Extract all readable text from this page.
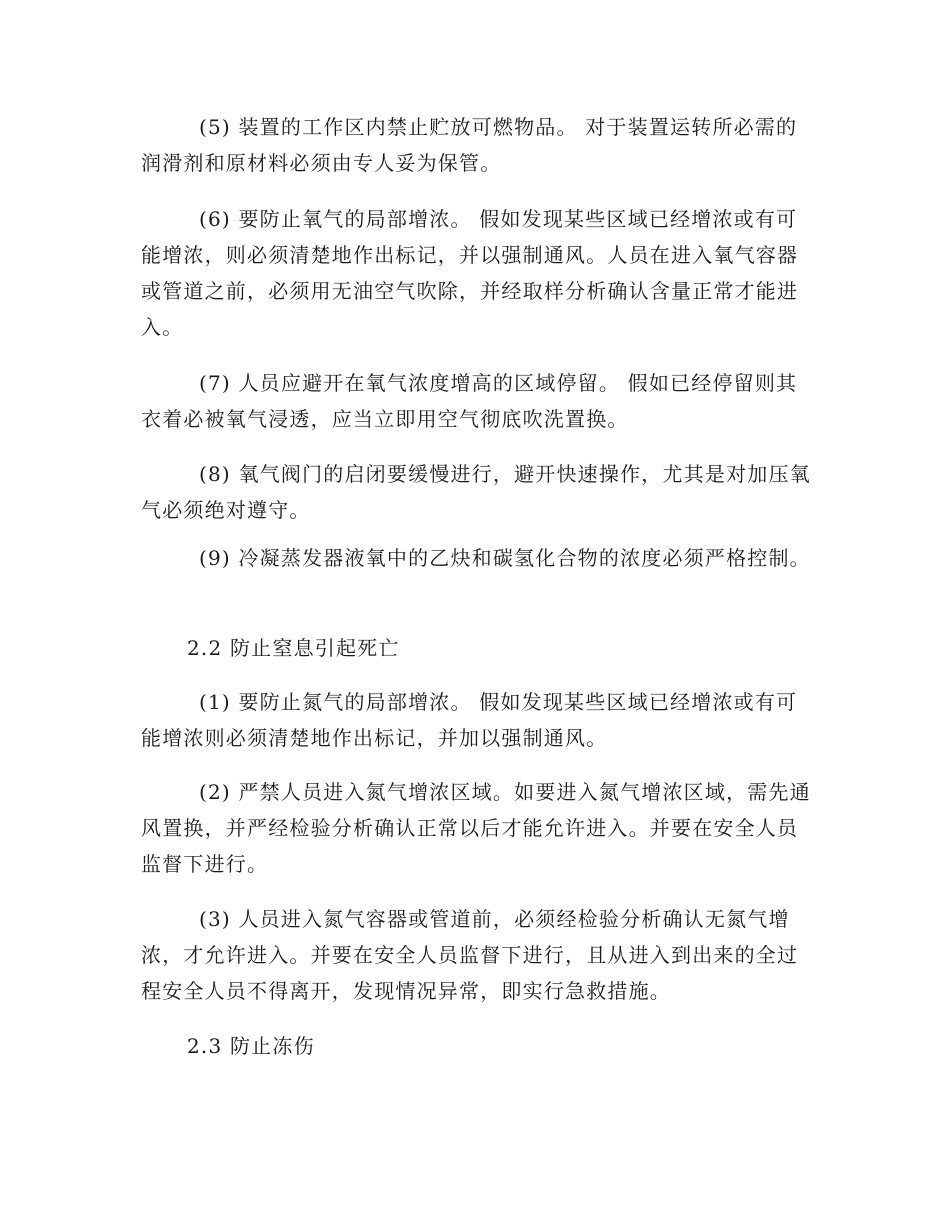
(5) 装置的工作区内禁止贮放可燃物品。 对于装置运转所必需的润滑剂和原材料必须由专人妥为保管。

(6) 要防止氧气的局部增浓。 假如发现某些区域已经增浓或有可能增浓，则必须清楚地作出标记，并以强制通风。人员在进入氧气容器或管道之前，必须用无油空气吹除，并经取样分析确认含量正常才能进入。

(7) 人员应避开在氧气浓度增高的区域停留。 假如已经停留则其衣着必被氧气浸透，应当立即用空气彻底吹洗置换。

(8) 氧气阀门的启闭要缓慢进行，避开快速操作，尤其是对加压氧气必须绝对遵守。

(9) 冷凝蒸发器液氧中的乙炔和碳氢化合物的浓度必须严格控制。

2.2 防止窒息引起死亡

(1) 要防止氮气的局部增浓。 假如发现某些区域已经增浓或有可能增浓则必须清楚地作出标记，并加以强制通风。

(2) 严禁人员进入氮气增浓区域。如要进入氮气增浓区域，需先通风置换，并严经检验分析确认正常以后才能允许进入。并要在安全人员监督下进行。

(3) 人员进入氮气容器或管道前，必须经检验分析确认无氮气增浓，才允许进入。并要在安全人员监督下进行，且从进入到出来的全过程安全人员不得离开，发现情况异常，即实行急救措施。

2.3 防止冻伤
